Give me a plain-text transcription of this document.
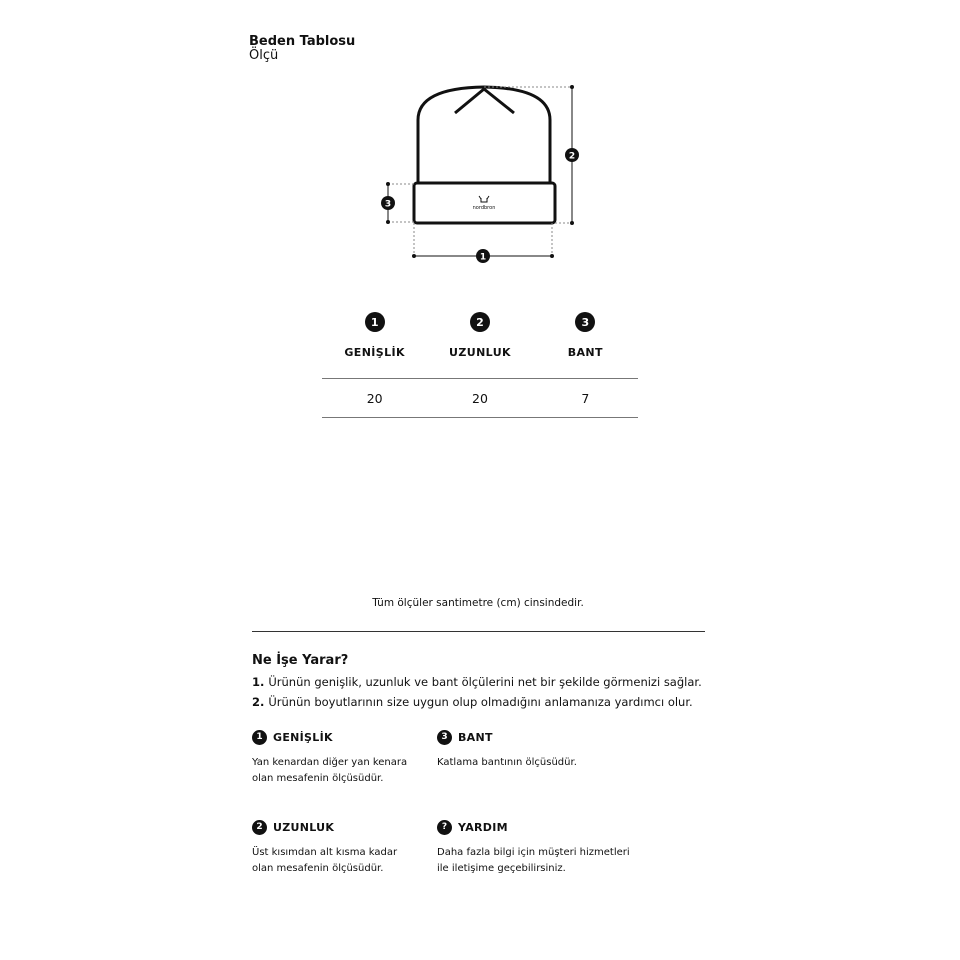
Beden Tablosu
Ölçü
nordbron
2
3
1
1
GENİŞLİK
2
UZUNLUK
3
BANT
20	20	7
Tüm ölçüler santimetre (cm) cinsindedir.
Ne İşe Yarar?
1. Ürünün genişlik, uzunluk ve bant ölçülerini net bir şekilde görmenizi sağlar.
2. Ürünün boyutlarının size uygun olup olmadığını anlamanıza yardımcı olur.
1 GENİŞLİK
Yan kenardan diğer yan kenara
olan mesafenin ölçüsüdür.
3 BANT
Katlama bantının ölçüsüdür.
2 UZUNLUK
Üst kısımdan alt kısma kadar
olan mesafenin ölçüsüdür.
? YARDIM
Daha fazla bilgi için müşteri hizmetleri
ile iletişime geçebilirsiniz.
